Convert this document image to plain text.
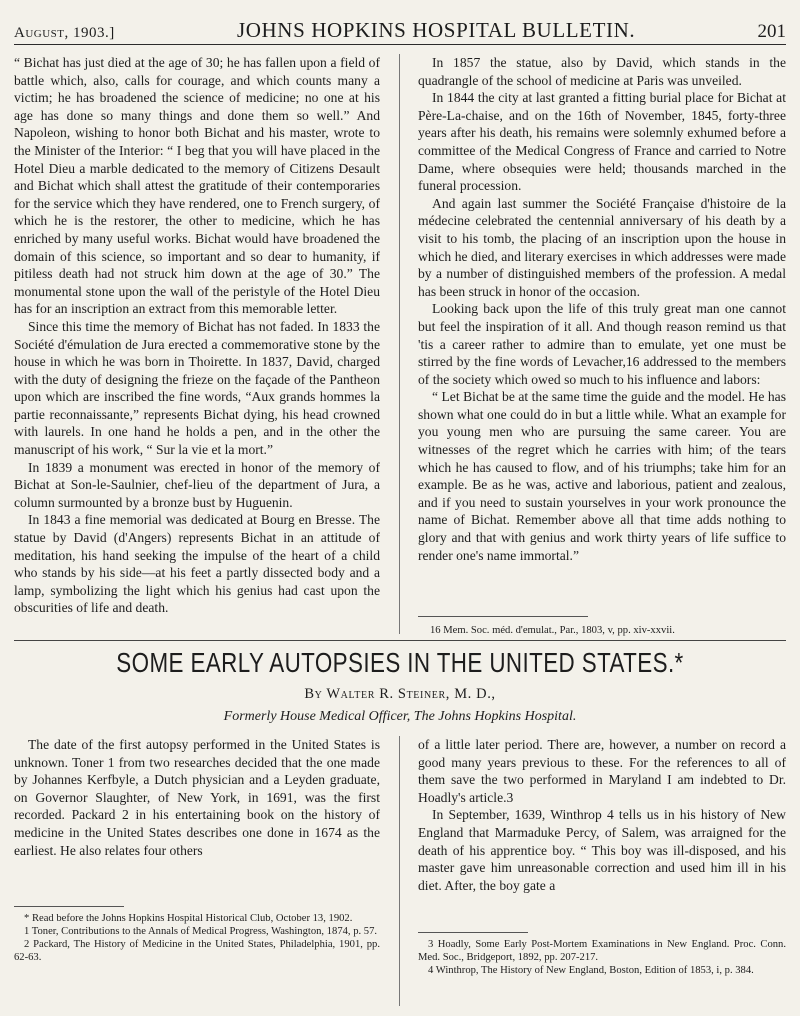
August, 1903.]	JOHNS HOPKINS HOSPITAL BULLETIN.	201

“ Bichat has just died at the age of 30; he has fallen upon a field of battle which, also, calls for courage, and which counts many a victim; he has broadened the science of medicine; no one at his age has done so many things and done them so well.” And Napoleon, wishing to honor both Bichat and his master, wrote to the Minister of the Interior: “ I beg that you will have placed in the Hotel Dieu a marble dedicated to the memory of Citizens Desault and Bichat which shall attest the gratitude of their contemporaries for the service which they have rendered, one to French surgery, of which he is the restorer, the other to medicine, which he has enriched by many useful works. Bichat would have broadened the domain of this science, so important and so dear to humanity, if pitiless death had not struck him down at the age of 30.” The monumental stone upon the wall of the peristyle of the Hotel Dieu has for an inscription an extract from this memorable letter.

Since this time the memory of Bichat has not faded. In 1833 the Société d'émulation de Jura erected a commemorative stone by the house in which he was born in Thoirette. In 1837, David, charged with the duty of designing the frieze on the façade of the Pantheon upon which are inscribed the fine words, “Aux grands hommes la partie reconnaissante,” represents Bichat dying, his head crowned with laurels. In one hand he holds a pen, and in the other the manuscript of his work, “ Sur la vie et la mort.”

In 1839 a monument was erected in honor of the memory of Bichat at Son-le-Saulnier, chef-lieu of the department of Jura, a column surmounted by a bronze bust by Huguenin.

In 1843 a fine memorial was dedicated at Bourg en Bresse. The statue by David (d'Angers) represents Bichat in an attitude of meditation, his hand seeking the impulse of the heart of a child who stands by his side—at his feet a partly dissected body and a lamp, symbolizing the light which his genius had cast upon the obscurities of life and death.

In 1857 the statue, also by David, which stands in the quadrangle of the school of medicine at Paris was unveiled.

In 1844 the city at last granted a fitting burial place for Bichat at Père-La-chaise, and on the 16th of November, 1845, forty-three years after his death, his remains were solemnly exhumed before a committee of the Medical Congress of France and carried to Notre Dame, where obsequies were held; thousands marched in the funeral procession.

And again last summer the Société Française d'histoire de la médecine celebrated the centennial anniversary of his death by a visit to his tomb, the placing of an inscription upon the house in which he died, and literary exercises in which addresses were made by a number of distinguished members of the profession. A medal has been struck in honor of the occasion.

Looking back upon the life of this truly great man one cannot but feel the inspiration of it all. And though reason remind us that 'tis a career rather to admire than to emulate, yet one must be stirred by the fine words of Levacher,16 addressed to the members of the society which owed so much to his influence and labors:

“ Let Bichat be at the same time the guide and the model. He has shown what one could do in but a little while. What an example for you young men who are pursuing the same career. You are witnesses of the regret which he carries with him; of the tears which he has caused to flow, and of his triumphs; take him for an example. Be as he was, active and laborious, patient and zealous, and if you need to sustain yourselves in your work pronounce the name of Bichat. Remember above all that time adds nothing to glory and that with genius and work thirty years of life suffice to render one's name immortal.”

16 Mem. Soc. méd. d'emulat., Par., 1803, v, pp. xiv-xxvii.

SOME EARLY AUTOPSIES IN THE UNITED STATES.*
By Walter R. Steiner, M. D.,
Formerly House Medical Officer, The Johns Hopkins Hospital.

The date of the first autopsy performed in the United States is unknown. Toner 1 from two researches decided that the one made by Johannes Kerfbyle, a Dutch physician and a Leyden graduate, on Governor Slaughter, of New York, in 1691, was the first recorded. Packard 2 in his entertaining book on the history of medicine in the United States describes one done in 1674 as the earliest. He also relates four others

of a little later period. There are, however, a number on record a good many years previous to these. For the references to all of them save the two performed in Maryland I am indebted to Dr. Hoadly's article.3

In September, 1639, Winthrop 4 tells us in his history of New England that Marmaduke Percy, of Salem, was arraigned for the death of his apprentice boy. “ This boy was ill-disposed, and his master gave him unreasonable correction and used him ill in his diet. After, the boy gate a

* Read before the Johns Hopkins Hospital Historical Club, October 13, 1902.

1 Toner, Contributions to the Annals of Medical Progress, Washington, 1874, p. 57.

2 Packard, The History of Medicine in the United States, Philadelphia, 1901, pp. 62-63.

3 Hoadly, Some Early Post-Mortem Examinations in New England. Proc. Conn. Med. Soc., Bridgeport, 1892, pp. 207-217.

4 Winthrop, The History of New England, Boston, Edition of 1853, i, p. 384.
